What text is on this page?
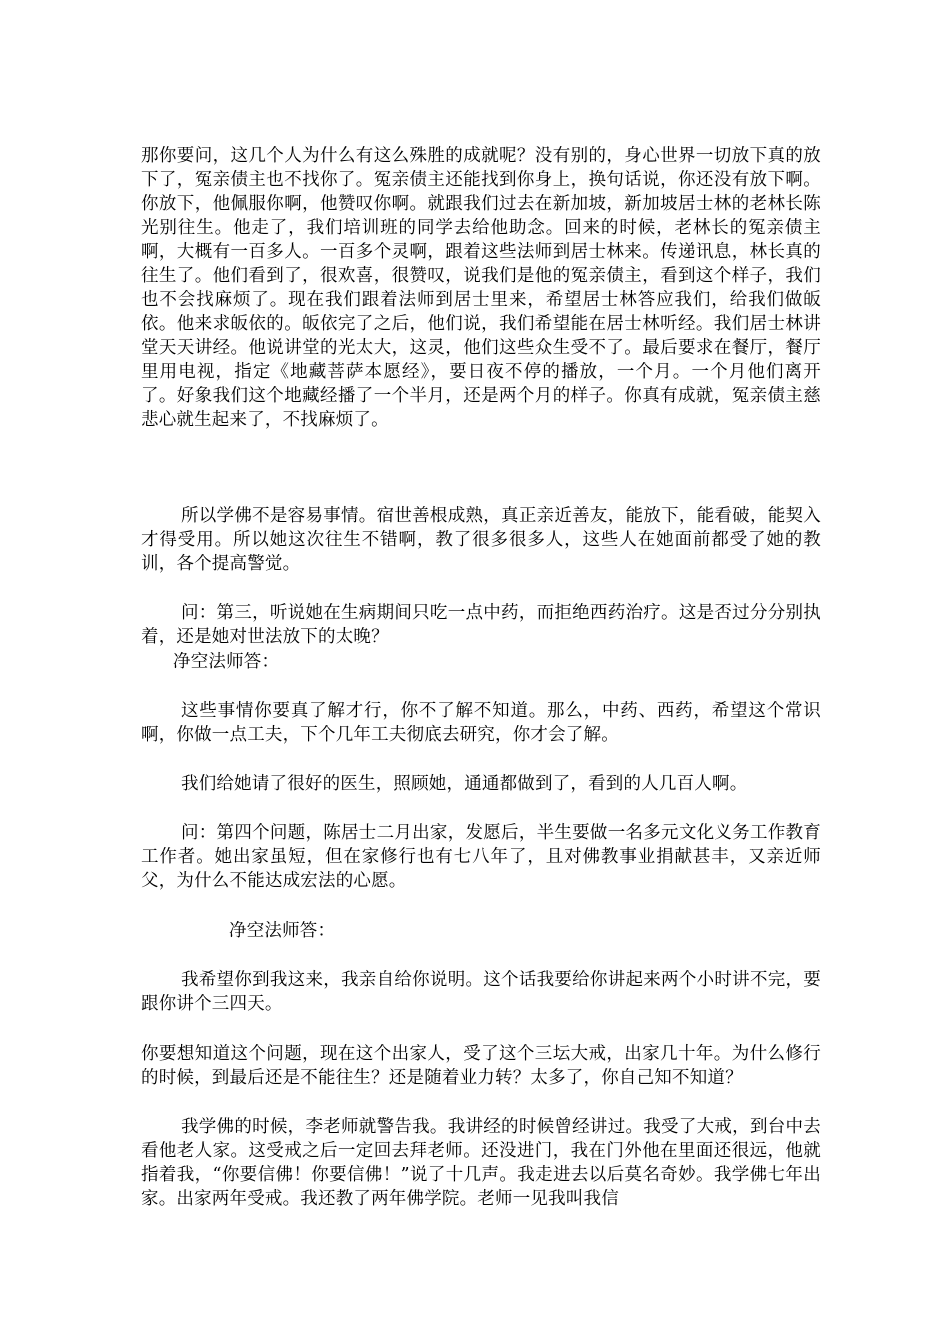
那你要问，这几个人为什么有这么殊胜的成就呢？没有别的，身心世界一切放下真的放下了，冤亲债主也不找你了。冤亲债主还能找到你身上，换句话说，你还没有放下啊。你放下，他佩服你啊，他赞叹你啊。就跟我们过去在新加坡，新加坡居士林的老林长陈光别往生。他走了，我们培训班的同学去给他助念。回来的时候，老林长的冤亲债主啊，大概有一百多人。一百多个灵啊，跟着这些法师到居士林来。传递讯息，林长真的往生了。他们看到了，很欢喜，很赞叹，说我们是他的冤亲债主，看到这个样子，我们也不会找麻烦了。现在我们跟着法师到居士里来，希望居士林答应我们，给我们做皈依。他来求皈依的。皈依完了之后，他们说，我们希望能在居士林听经。我们居士林讲堂天天讲经。他说讲堂的光太大，这灵，他们这些众生受不了。最后要求在餐厅，餐厅里用电视，指定《地藏菩萨本愿经》，要日夜不停的播放，一个月。一个月他们离开了。好象我们这个地藏经播了一个半月，还是两个月的样子。你真有成就，冤亲债主慈悲心就生起来了，不找麻烦了。

所以学佛不是容易事情。宿世善根成熟，真正亲近善友，能放下，能看破，能契入才得受用。所以她这次往生不错啊，教了很多很多人，这些人在她面前都受了她的教训，各个提高警觉。

问：第三，听说她在生病期间只吃一点中药，而拒绝西药治疗。这是否过分分别执着，还是她对世法放下的太晚？

净空法师答：

这些事情你要真了解才行，你不了解不知道。那么，中药、西药，希望这个常识啊，你做一点工夫，下个几年工夫彻底去研究，你才会了解。

我们给她请了很好的医生，照顾她，通通都做到了，看到的人几百人啊。

问：第四个问题，陈居士二月出家，发愿后，半生要做一名多元文化义务工作教育工作者。她出家虽短，但在家修行也有七八年了，且对佛教事业捐献甚丰，又亲近师父，为什么不能达成宏法的心愿。

净空法师答：

我希望你到我这来，我亲自给你说明。这个话我要给你讲起来两个小时讲不完，要跟你讲个三四天。

你要想知道这个问题，现在这个出家人，受了这个三坛大戒，出家几十年。为什么修行的时候，到最后还是不能往生？还是随着业力转？太多了，你自己知不知道？

我学佛的时候，李老师就警告我。我讲经的时候曾经讲过。我受了大戒，到台中去看他老人家。这受戒之后一定回去拜老师。还没进门，我在门外他在里面还很远，他就指着我，“你要信佛！你要信佛！”说了十几声。我走进去以后莫名奇妙。我学佛七年出家。出家两年受戒。我还教了两年佛学院。老师一见我叫我信
